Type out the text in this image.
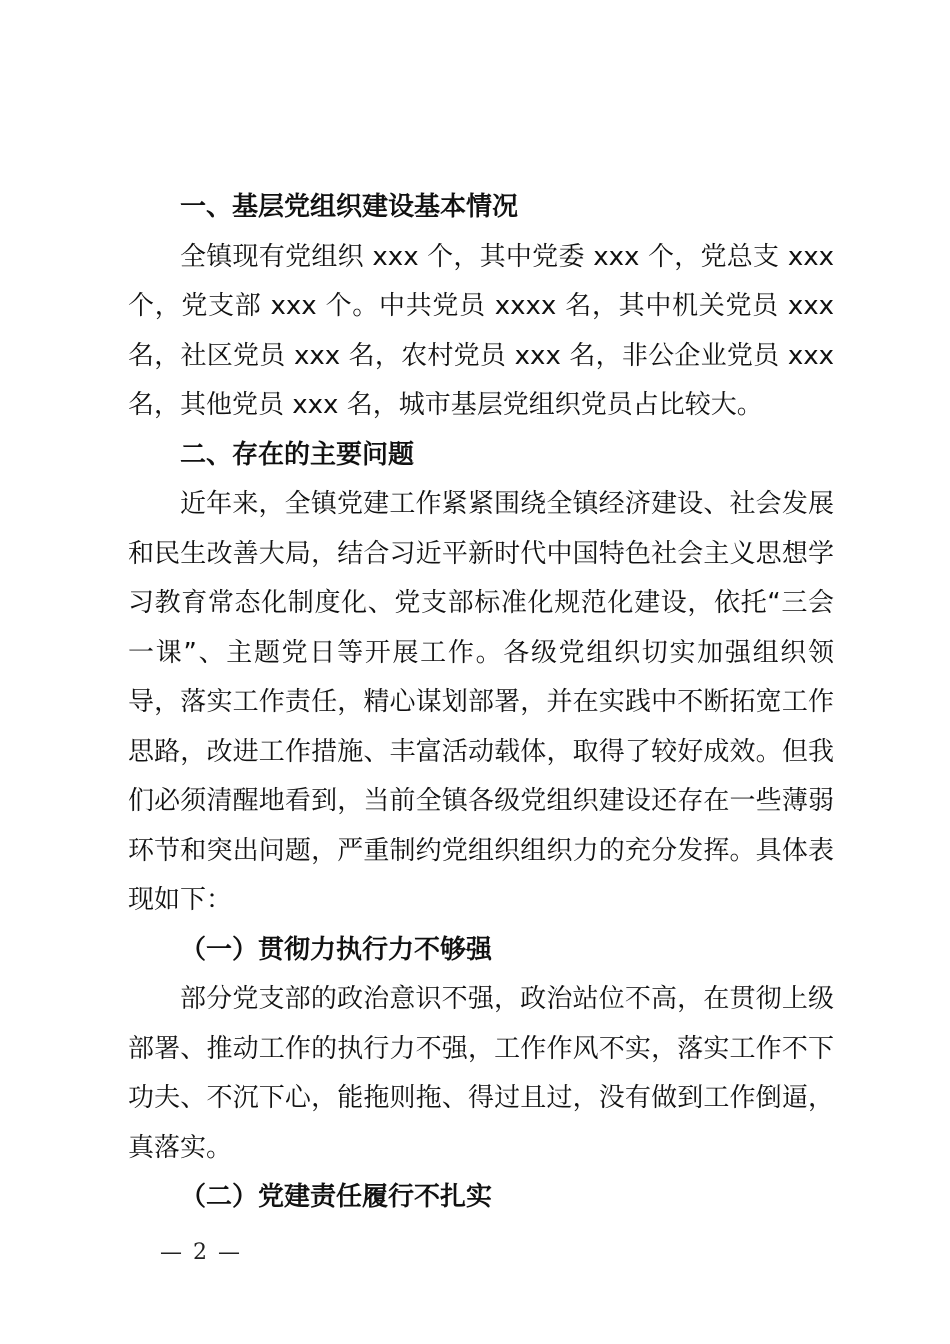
一、基层党组织建设基本情况

全镇现有党组织 xxx 个，其中党委 xxx 个，党总支 xxx 个，党支部 xxx 个。中共党员 xxxx 名，其中机关党员 xxx 名，社区党员 xxx 名，农村党员 xxx 名，非公企业党员 xxx 名，其他党员 xxx 名，城市基层党组织党员占比较大。

二、存在的主要问题

近年来，全镇党建工作紧紧围绕全镇经济建设、社会发展和民生改善大局，结合习近平新时代中国特色社会主义思想学习教育常态化制度化、党支部标准化规范化建设，依托“三会一课”、主题党日等开展工作。各级党组织切实加强组织领导，落实工作责任，精心谋划部署，并在实践中不断拓宽工作思路，改进工作措施、丰富活动载体，取得了较好成效。但我们必须清醒地看到，当前全镇各级党组织建设还存在一些薄弱环节和突出问题，严重制约党组织组织力的充分发挥。具体表现如下：

（一）贯彻力执行力不够强

部分党支部的政治意识不强，政治站位不高，在贯彻上级部署、推动工作的执行力不强，工作作风不实，落实工作不下功夫、不沉下心，能拖则拖、得过且过，没有做到工作倒逼，真落实。

（二）党建责任履行不扎实

— 2 —
